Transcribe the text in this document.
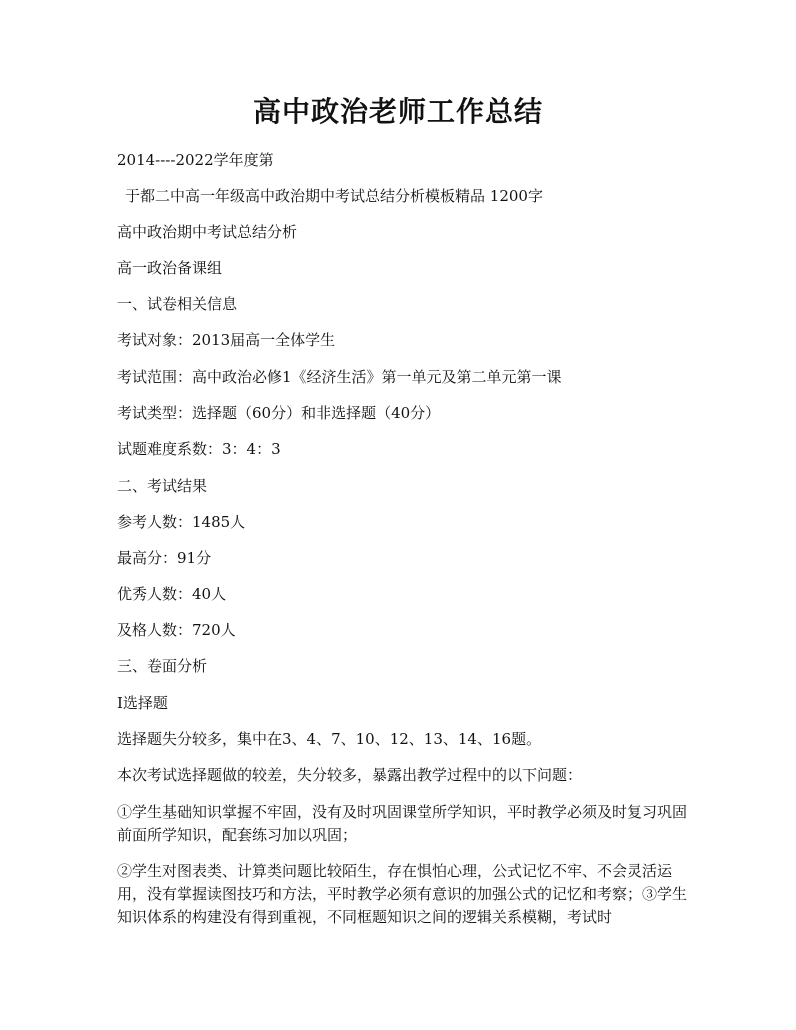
高中政治老师工作总结
2014----2022学年度第
于都二中高一年级高中政治期中考试总结分析模板精品 1200字
高中政治期中考试总结分析
高一政治备课组
一、试卷相关信息
考试对象：2013届高一全体学生
考试范围：高中政治必修1《经济生活》第一单元及第二单元第一课
考试类型：选择题（60分）和非选择题（40分）
试题难度系数：3：4：3
二、考试结果
参考人数：1485人
最高分：91分
优秀人数：40人
及格人数：720人
三、卷面分析
Ⅰ选择题
选择题失分较多，集中在3、4、7、10、12、13、14、16题。
本次考试选择题做的较差，失分较多，暴露出教学过程中的以下问题：
①学生基础知识掌握不牢固，没有及时巩固课堂所学知识，平时教学必须及时复习巩固前面所学知识，配套练习加以巩固；
②学生对图表类、计算类问题比较陌生，存在惧怕心理，公式记忆不牢、不会灵活运用，没有掌握读图技巧和方法，平时教学必须有意识的加强公式的记忆和考察；③学生知识体系的构建没有得到重视，不同框题知识之间的逻辑关系模糊，考试时
